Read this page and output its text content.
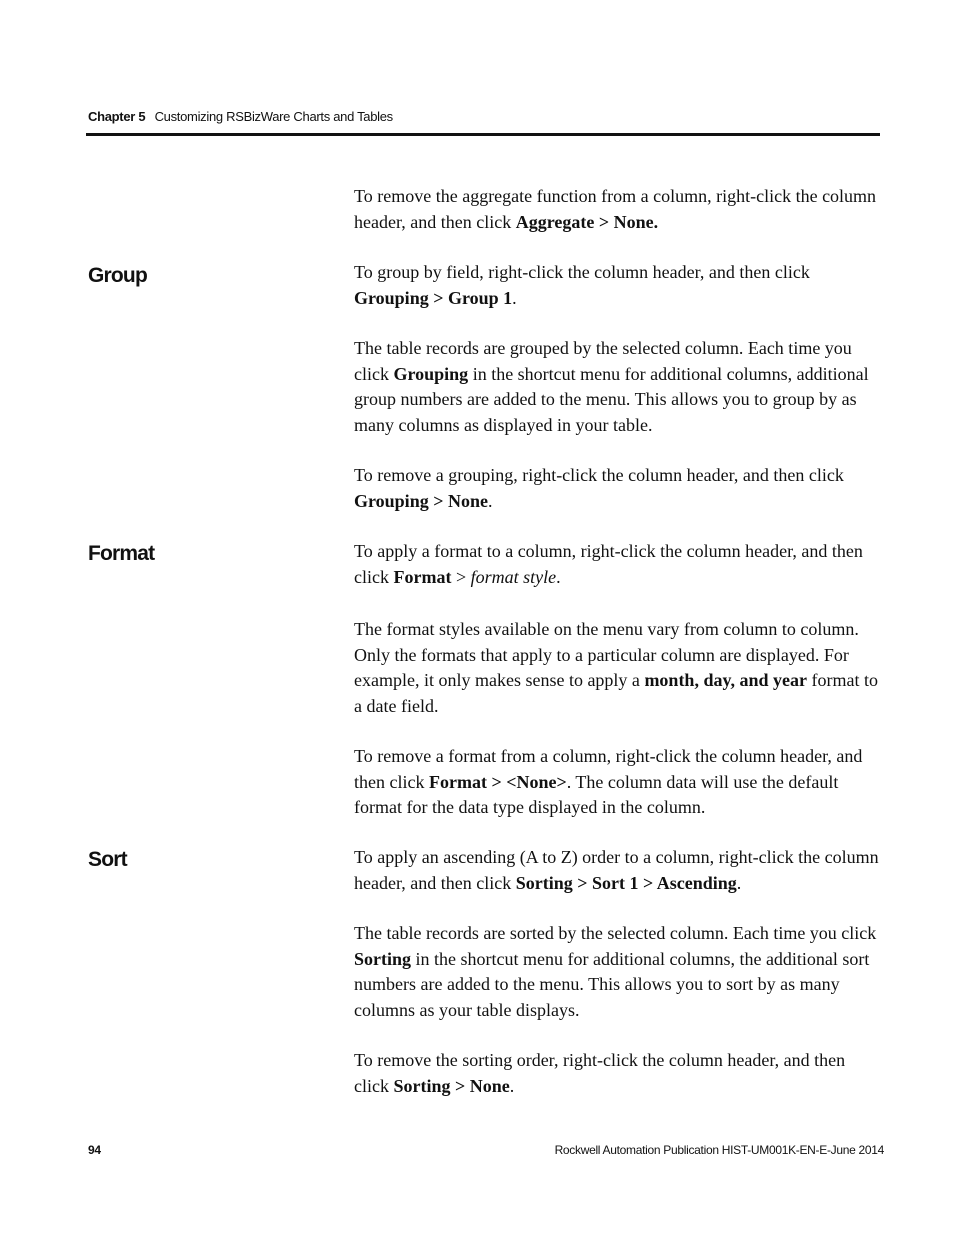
Chapter 5 Customizing RSBizWare Charts and Tables

To remove the aggregate function from a column, right-click the column header, and then click Aggregate > None.

Group	To group by field, right-click the column header, and then click Grouping > Group 1.

The table records are grouped by the selected column. Each time you click Grouping in the shortcut menu for additional columns, additional group numbers are added to the menu. This allows you to group by as many columns as displayed in your table.

To remove a grouping, right-click the column header, and then click Grouping > None.

Format	To apply a format to a column, right-click the column header, and then click Format > format style.

The format styles available on the menu vary from column to column. Only the formats that apply to a particular column are displayed. For example, it only makes sense to apply a month, day, and year format to a date field.

To remove a format from a column, right-click the column header, and then click Format > <None>. The column data will use the default format for the data type displayed in the column.

Sort	To apply an ascending (A to Z) order to a column, right-click the column header, and then click Sorting > Sort 1 > Ascending.

The table records are sorted by the selected column. Each time you click Sorting in the shortcut menu for additional columns, the additional sort numbers are added to the menu. This allows you to sort by as many columns as your table displays.

To remove the sorting order, right-click the column header, and then click Sorting > None.

94	Rockwell Automation Publication HIST-UM001K-EN-E-June 2014
